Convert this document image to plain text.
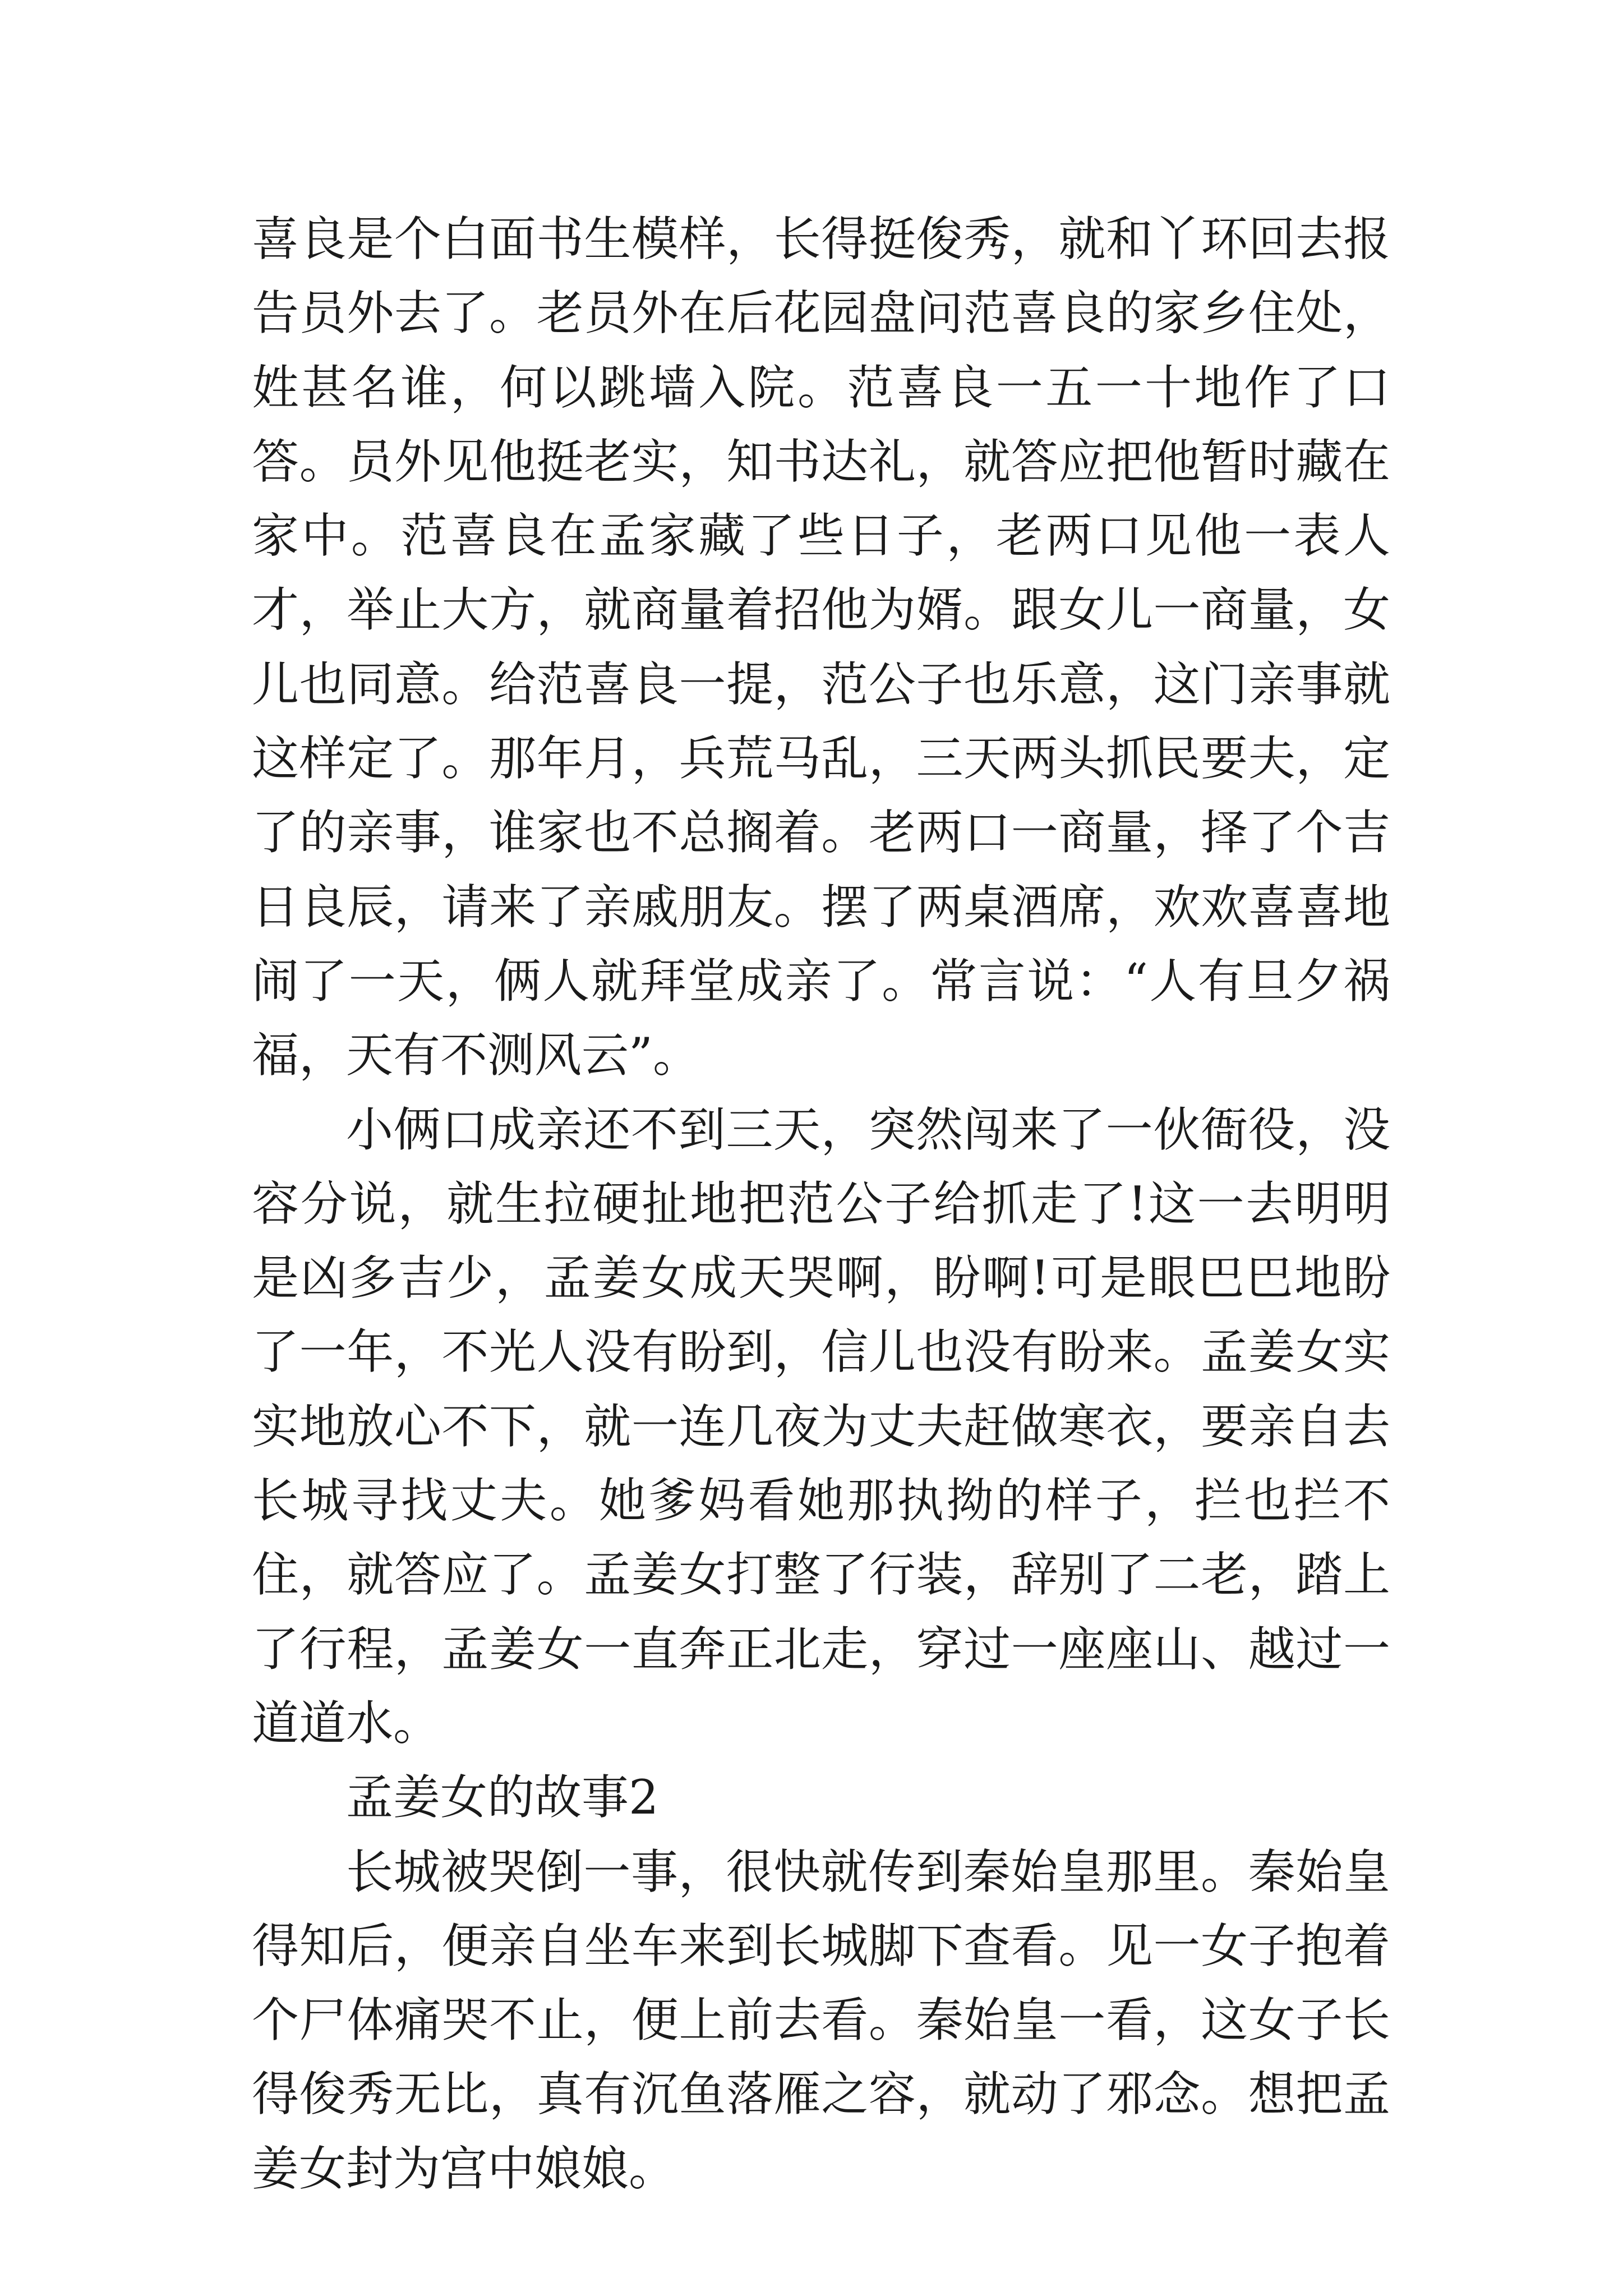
喜良是个白面书生模样，长得挺俊秀，就和丫环回去报告员外去了。老员外在后花园盘问范喜良的家乡住处，姓甚名谁，何以跳墙入院。范喜良一五一十地作了口答。员外见他挺老实，知书达礼，就答应把他暂时藏在家中。范喜良在孟家藏了些日子，老两口见他一表人才，举止大方，就商量着招他为婿。跟女儿一商量，女儿也同意。给范喜良一提，范公子也乐意，这门亲事就这样定了。那年月，兵荒马乱，三天两头抓民要夫，定了的亲事，谁家也不总搁着。老两口一商量，择了个吉日良辰，请来了亲戚朋友。摆了两桌酒席，欢欢喜喜地闹了一天，俩人就拜堂成亲了。常言说：“人有旦夕祸福，天有不测风云”。

小俩口成亲还不到三天，突然闯来了一伙衙役，没容分说，就生拉硬扯地把范公子给抓走了!这一去明明是凶多吉少，孟姜女成天哭啊，盼啊!可是眼巴巴地盼了一年，不光人没有盼到，信儿也没有盼来。孟姜女实实地放心不下，就一连几夜为丈夫赶做寒衣，要亲自去长城寻找丈夫。她爹妈看她那执拗的样子，拦也拦不住，就答应了。孟姜女打整了行装，辞别了二老，踏上了行程，孟姜女一直奔正北走，穿过一座座山、越过一道道水。

孟姜女的故事2

长城被哭倒一事，很快就传到秦始皇那里。秦始皇得知后，便亲自坐车来到长城脚下查看。见一女子抱着个尸体痛哭不止，便上前去看。秦始皇一看，这女子长得俊秀无比，真有沉鱼落雁之容，就动了邪念。想把孟姜女封为宫中娘娘。
